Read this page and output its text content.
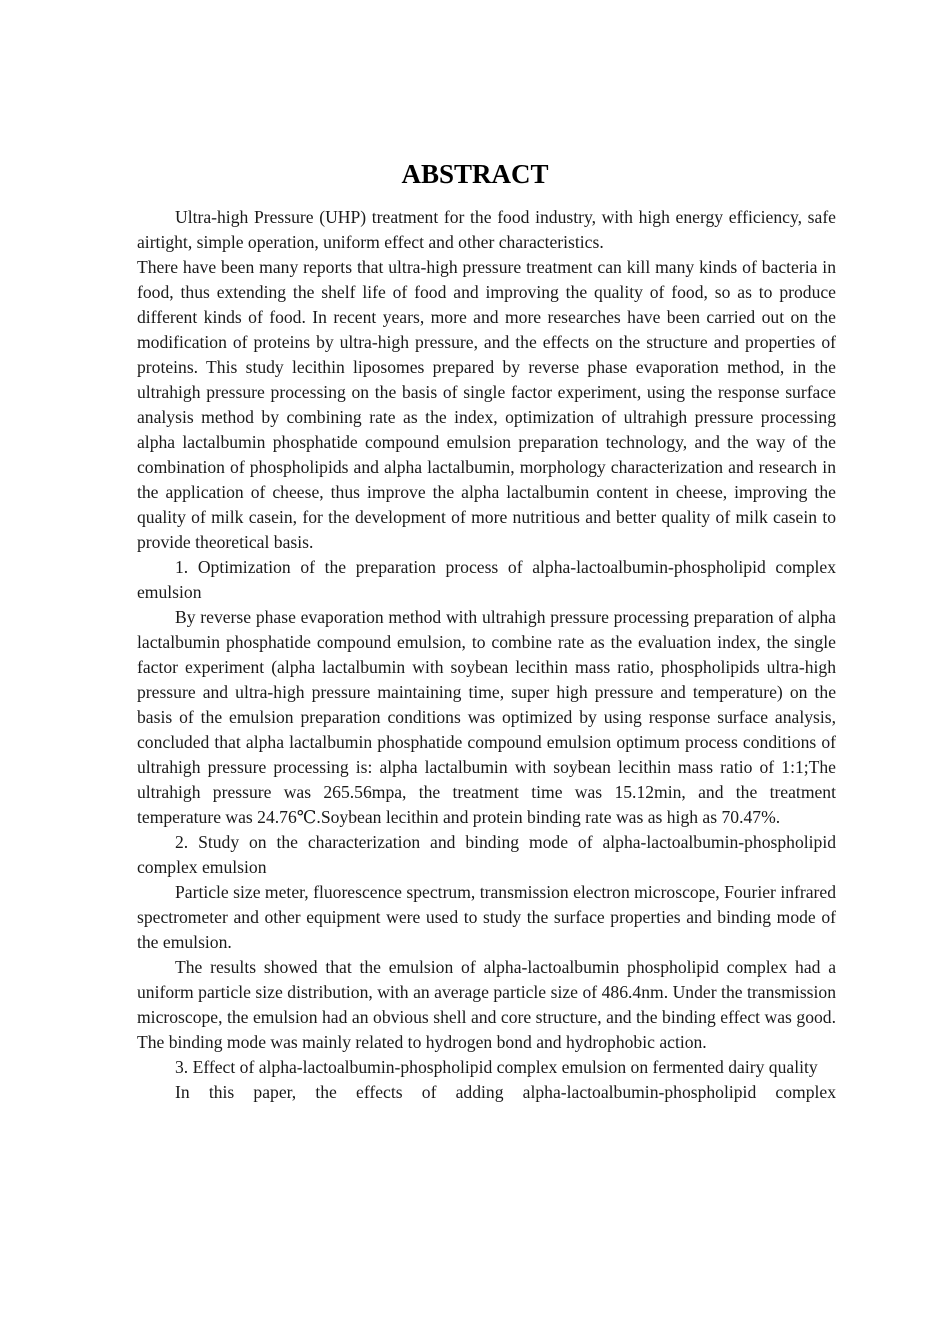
ABSTRACT

Ultra-high Pressure (UHP) treatment for the food industry, with high energy efficiency, safe airtight, simple operation, uniform effect and other characteristics.

There have been many reports that ultra-high pressure treatment can kill many kinds of bacteria in food, thus extending the shelf life of food and improving the quality of food, so as to produce different kinds of food. In recent years, more and more researches have been carried out on the modification of proteins by ultra-high pressure, and the effects on the structure and properties of proteins. This study lecithin liposomes prepared by reverse phase evaporation method, in the ultrahigh pressure processing on the basis of single factor experiment, using the response surface analysis method by combining rate as the index, optimization of ultrahigh pressure processing alpha lactalbumin phosphatide compound emulsion preparation technology, and the way of the combination of phospholipids and alpha lactalbumin, morphology characterization and research in the application of cheese, thus improve the alpha lactalbumin content in cheese, improving the quality of milk casein, for the development of more nutritious and better quality of milk casein to provide theoretical basis.

1. Optimization of the preparation process of alpha-lactoalbumin-phospholipid complex emulsion

By reverse phase evaporation method with ultrahigh pressure processing preparation of alpha lactalbumin phosphatide compound emulsion, to combine rate as the evaluation index, the single factor experiment (alpha lactalbumin with soybean lecithin mass ratio, phospholipids ultra-high pressure and ultra-high pressure maintaining time, super high pressure and temperature) on the basis of the emulsion preparation conditions was optimized by using response surface analysis, concluded that alpha lactalbumin phosphatide compound emulsion optimum process conditions of ultrahigh pressure processing is: alpha lactalbumin with soybean lecithin mass ratio of 1:1;The ultrahigh pressure was 265.56mpa, the treatment time was 15.12min, and the treatment temperature was 24.76℃.Soybean lecithin and protein binding rate was as high as 70.47%.

2. Study on the characterization and binding mode of alpha-lactoalbumin-phospholipid complex emulsion

Particle size meter, fluorescence spectrum, transmission electron microscope, Fourier infrared spectrometer and other equipment were used to study the surface properties and binding mode of the emulsion.

The results showed that the emulsion of alpha-lactoalbumin phospholipid complex had a uniform particle size distribution, with an average particle size of 486.4nm. Under the transmission microscope, the emulsion had an obvious shell and core structure, and the binding effect was good. The binding mode was mainly related to hydrogen bond and hydrophobic action.

3. Effect of alpha-lactoalbumin-phospholipid complex emulsion on fermented dairy quality

In this paper, the effects of adding alpha-lactoalbumin-phospholipid complex
